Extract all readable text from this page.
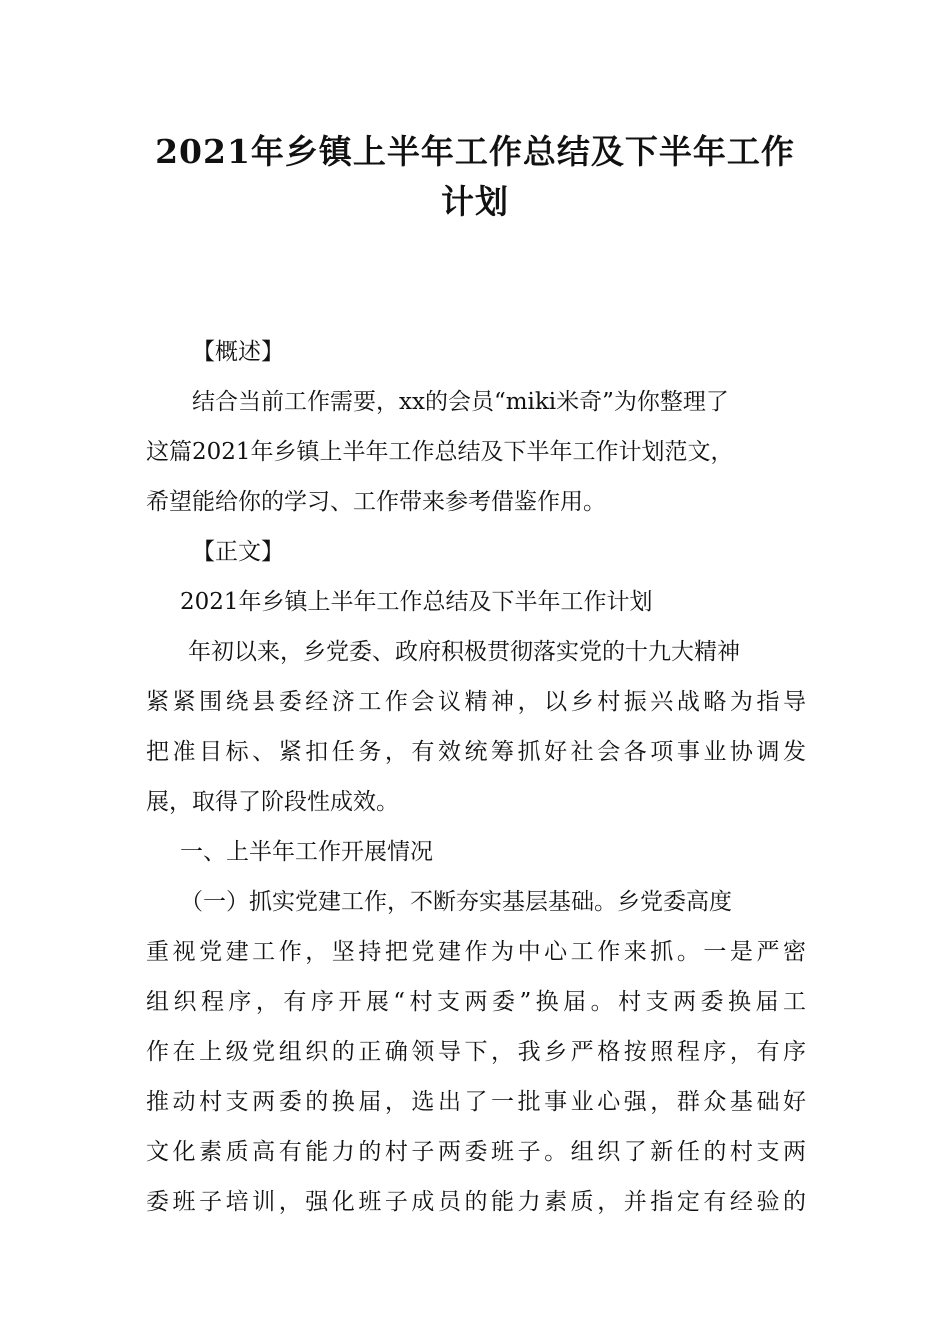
2021年乡镇上半年工作总结及下半年工作
计划
【概述】
结合当前工作需要，xx的会员“miki米奇”为你整理了
这篇2021年乡镇上半年工作总结及下半年工作计划范文，
希望能给你的学习、工作带来参考借鉴作用。
【正文】
2021年乡镇上半年工作总结及下半年工作计划
年初以来，乡党委、政府积极贯彻落实党的十九大精神
紧紧围绕县委经济工作会议精神，以乡村振兴战略为指导
把准目标、紧扣任务，有效统筹抓好社会各项事业协调发
展，取得了阶段性成效。
一、上半年工作开展情况
（一）抓实党建工作，不断夯实基层基础。乡党委高度
重视党建工作，坚持把党建作为中心工作来抓。一是严密
组织程序，有序开展“村支两委”换届。村支两委换届工
作在上级党组织的正确领导下，我乡严格按照程序，有序
推动村支两委的换届，选出了一批事业心强，群众基础好
文化素质高有能力的村子两委班子。组织了新任的村支两
委班子培训，强化班子成员的能力素质，并指定有经验的
